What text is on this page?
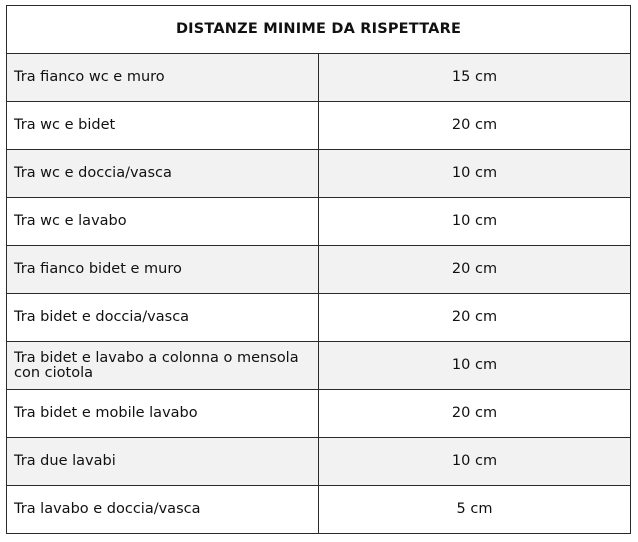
DISTANZE MINIME DA RISPETTARE	
Tra fianco wc e muro	15 cm
Tra wc e bidet	20 cm
Tra wc e doccia/vasca	10 cm
Tra wc e lavabo	10 cm
Tra fianco bidet e muro	20 cm
Tra bidet e doccia/vasca	20 cm
Tra bidet e lavabo a colonna o mensola con ciotola	10 cm
Tra bidet e mobile lavabo	20 cm
Tra due lavabi	10 cm
Tra lavabo e doccia/vasca	5 cm
